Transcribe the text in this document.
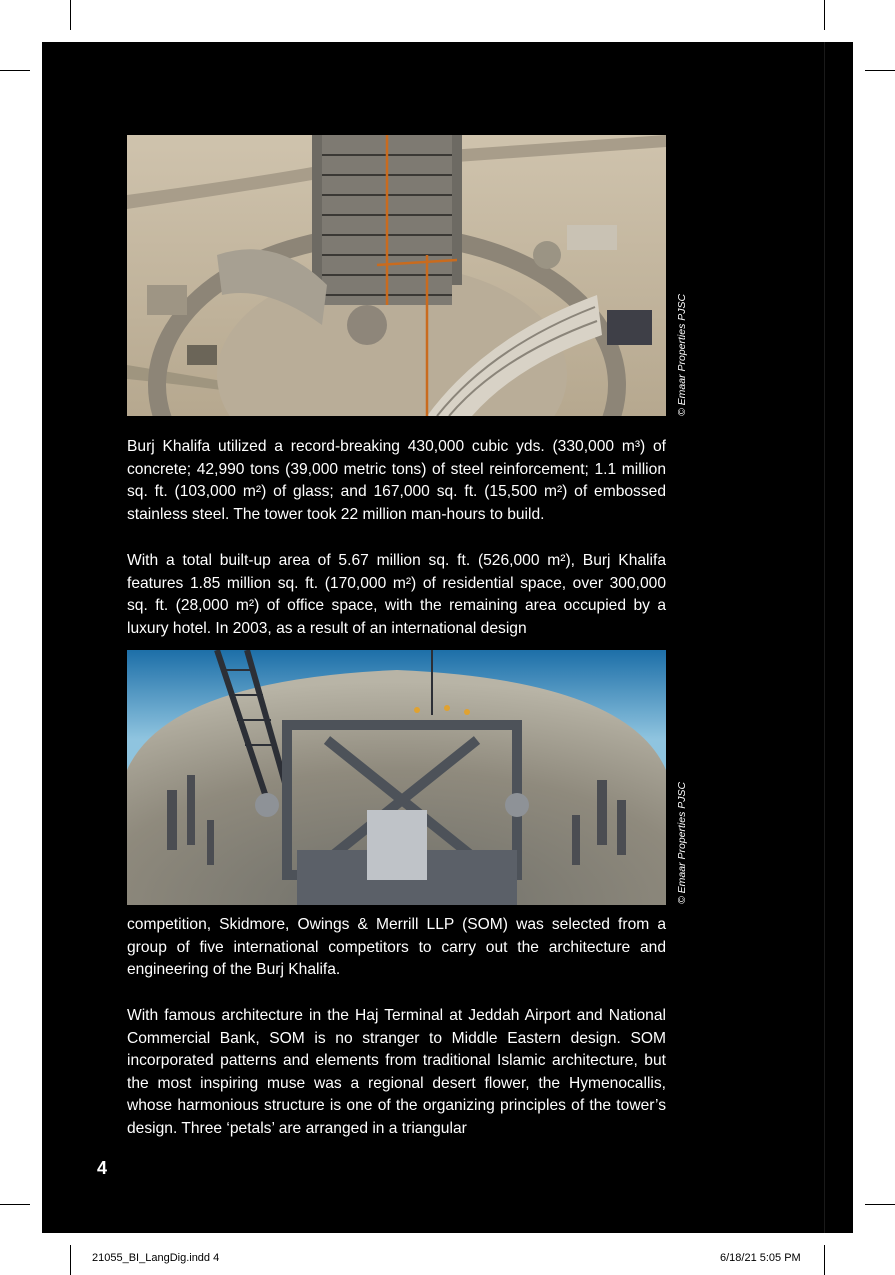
© Emaar Properties PJSC

Burj Khalifa utilized a record-breaking 430,000 cubic yds. (330,000 m³) of concrete; 42,990 tons (39,000 metric tons) of steel reinforcement; 1.1 million sq. ft. (103,000 m²) of glass; and 167,000 sq. ft. (15,500 m²) of embossed stainless steel. The tower took 22 million man-hours to build.

With a total built-up area of 5.67 million sq. ft. (526,000 m²), Burj Khalifa features 1.85 million sq. ft. (170,000 m²) of residential space, over 300,000 sq. ft. (28,000 m²) of office space, with the remaining area occupied by a luxury hotel. In 2003, as a result of an international design

© Emaar Properties PJSC

competition, Skidmore, Owings & Merrill LLP (SOM) was selected from a group of five international competitors to carry out the architecture and engineering of the Burj Khalifa.

With famous architecture in the Haj Terminal at Jeddah Airport and National Commercial Bank, SOM is no stranger to Middle Eastern design. SOM incorporated patterns and elements from traditional Islamic architecture, but the most inspiring muse was a regional desert flower, the Hymenocallis, whose harmonious structure is one of the organizing principles of the tower’s design. Three ‘petals’ are arranged in a triangular

4
21055_BI_LangDig.indd 4	6/18/21 5:05 PM
